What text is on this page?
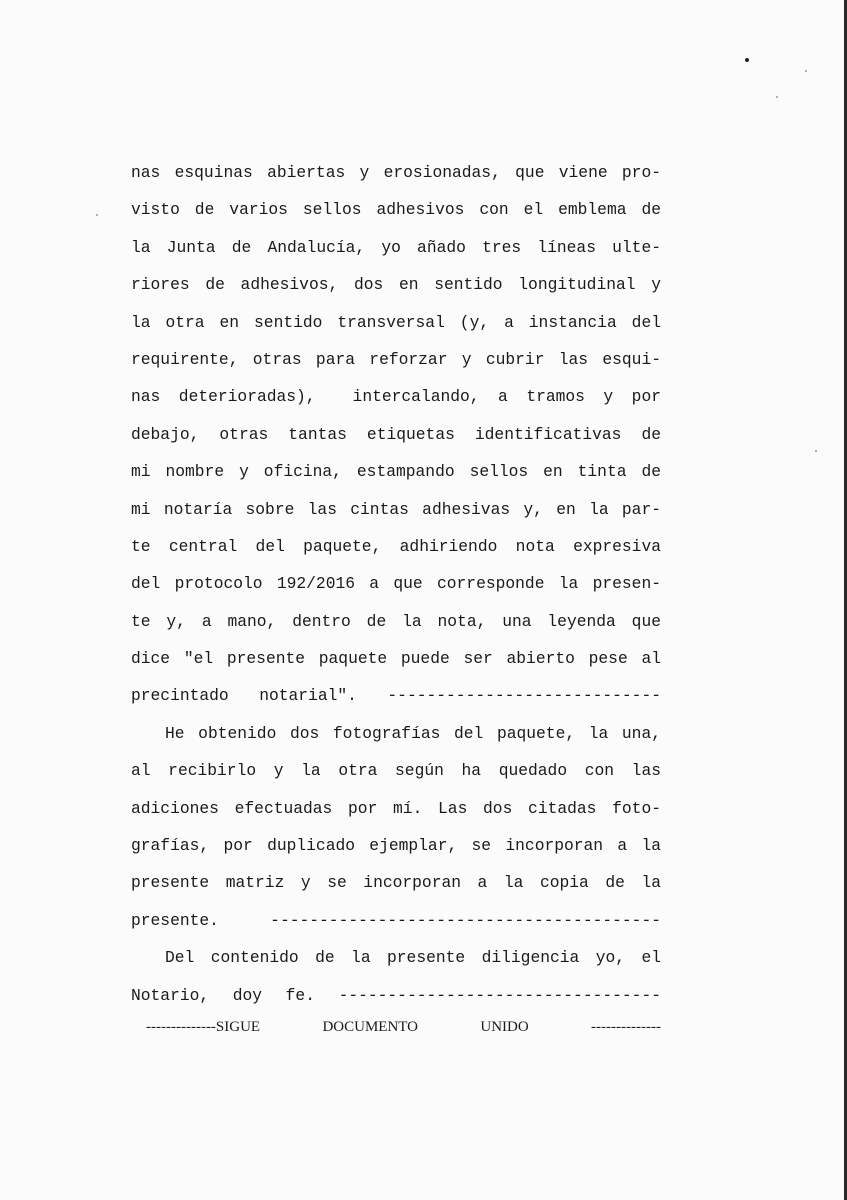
nas esquinas abiertas y erosionadas, que viene pro-
visto de varios sellos adhesivos con el emblema de
la Junta de Andalucía, yo añado tres líneas ulte-
riores de adhesivos, dos en sentido longitudinal y
la otra en sentido transversal (y, a instancia del
requirente, otras para reforzar y cubrir las esqui-
nas deterioradas),  intercalando, a tramos y por
debajo, otras tantas etiquetas identificativas de
mi nombre y oficina, estampando sellos en tinta de
mi notaría sobre las cintas adhesivas y, en la par-
te central del paquete, adhiriendo nota expresiva
del protocolo 192/2016 a que corresponde la presen-
te y, a mano, dentro de la nota, una leyenda que
dice "el presente paquete puede ser abierto pese al
precintado notarial". ----------------------------
He obtenido dos fotografías del paquete, la una,
al recibirlo y la otra según ha quedado con las
adiciones efectuadas por mí. Las dos citadas foto-
grafías, por duplicado ejemplar, se incorporan a la
presente matriz y se incorporan a la copia de la
presente. ----------------------------------------
Del contenido de la presente diligencia yo, el
Notario, doy fe. ---------------------------------
--------------SIGUE DOCUMENTO UNIDO --------------
